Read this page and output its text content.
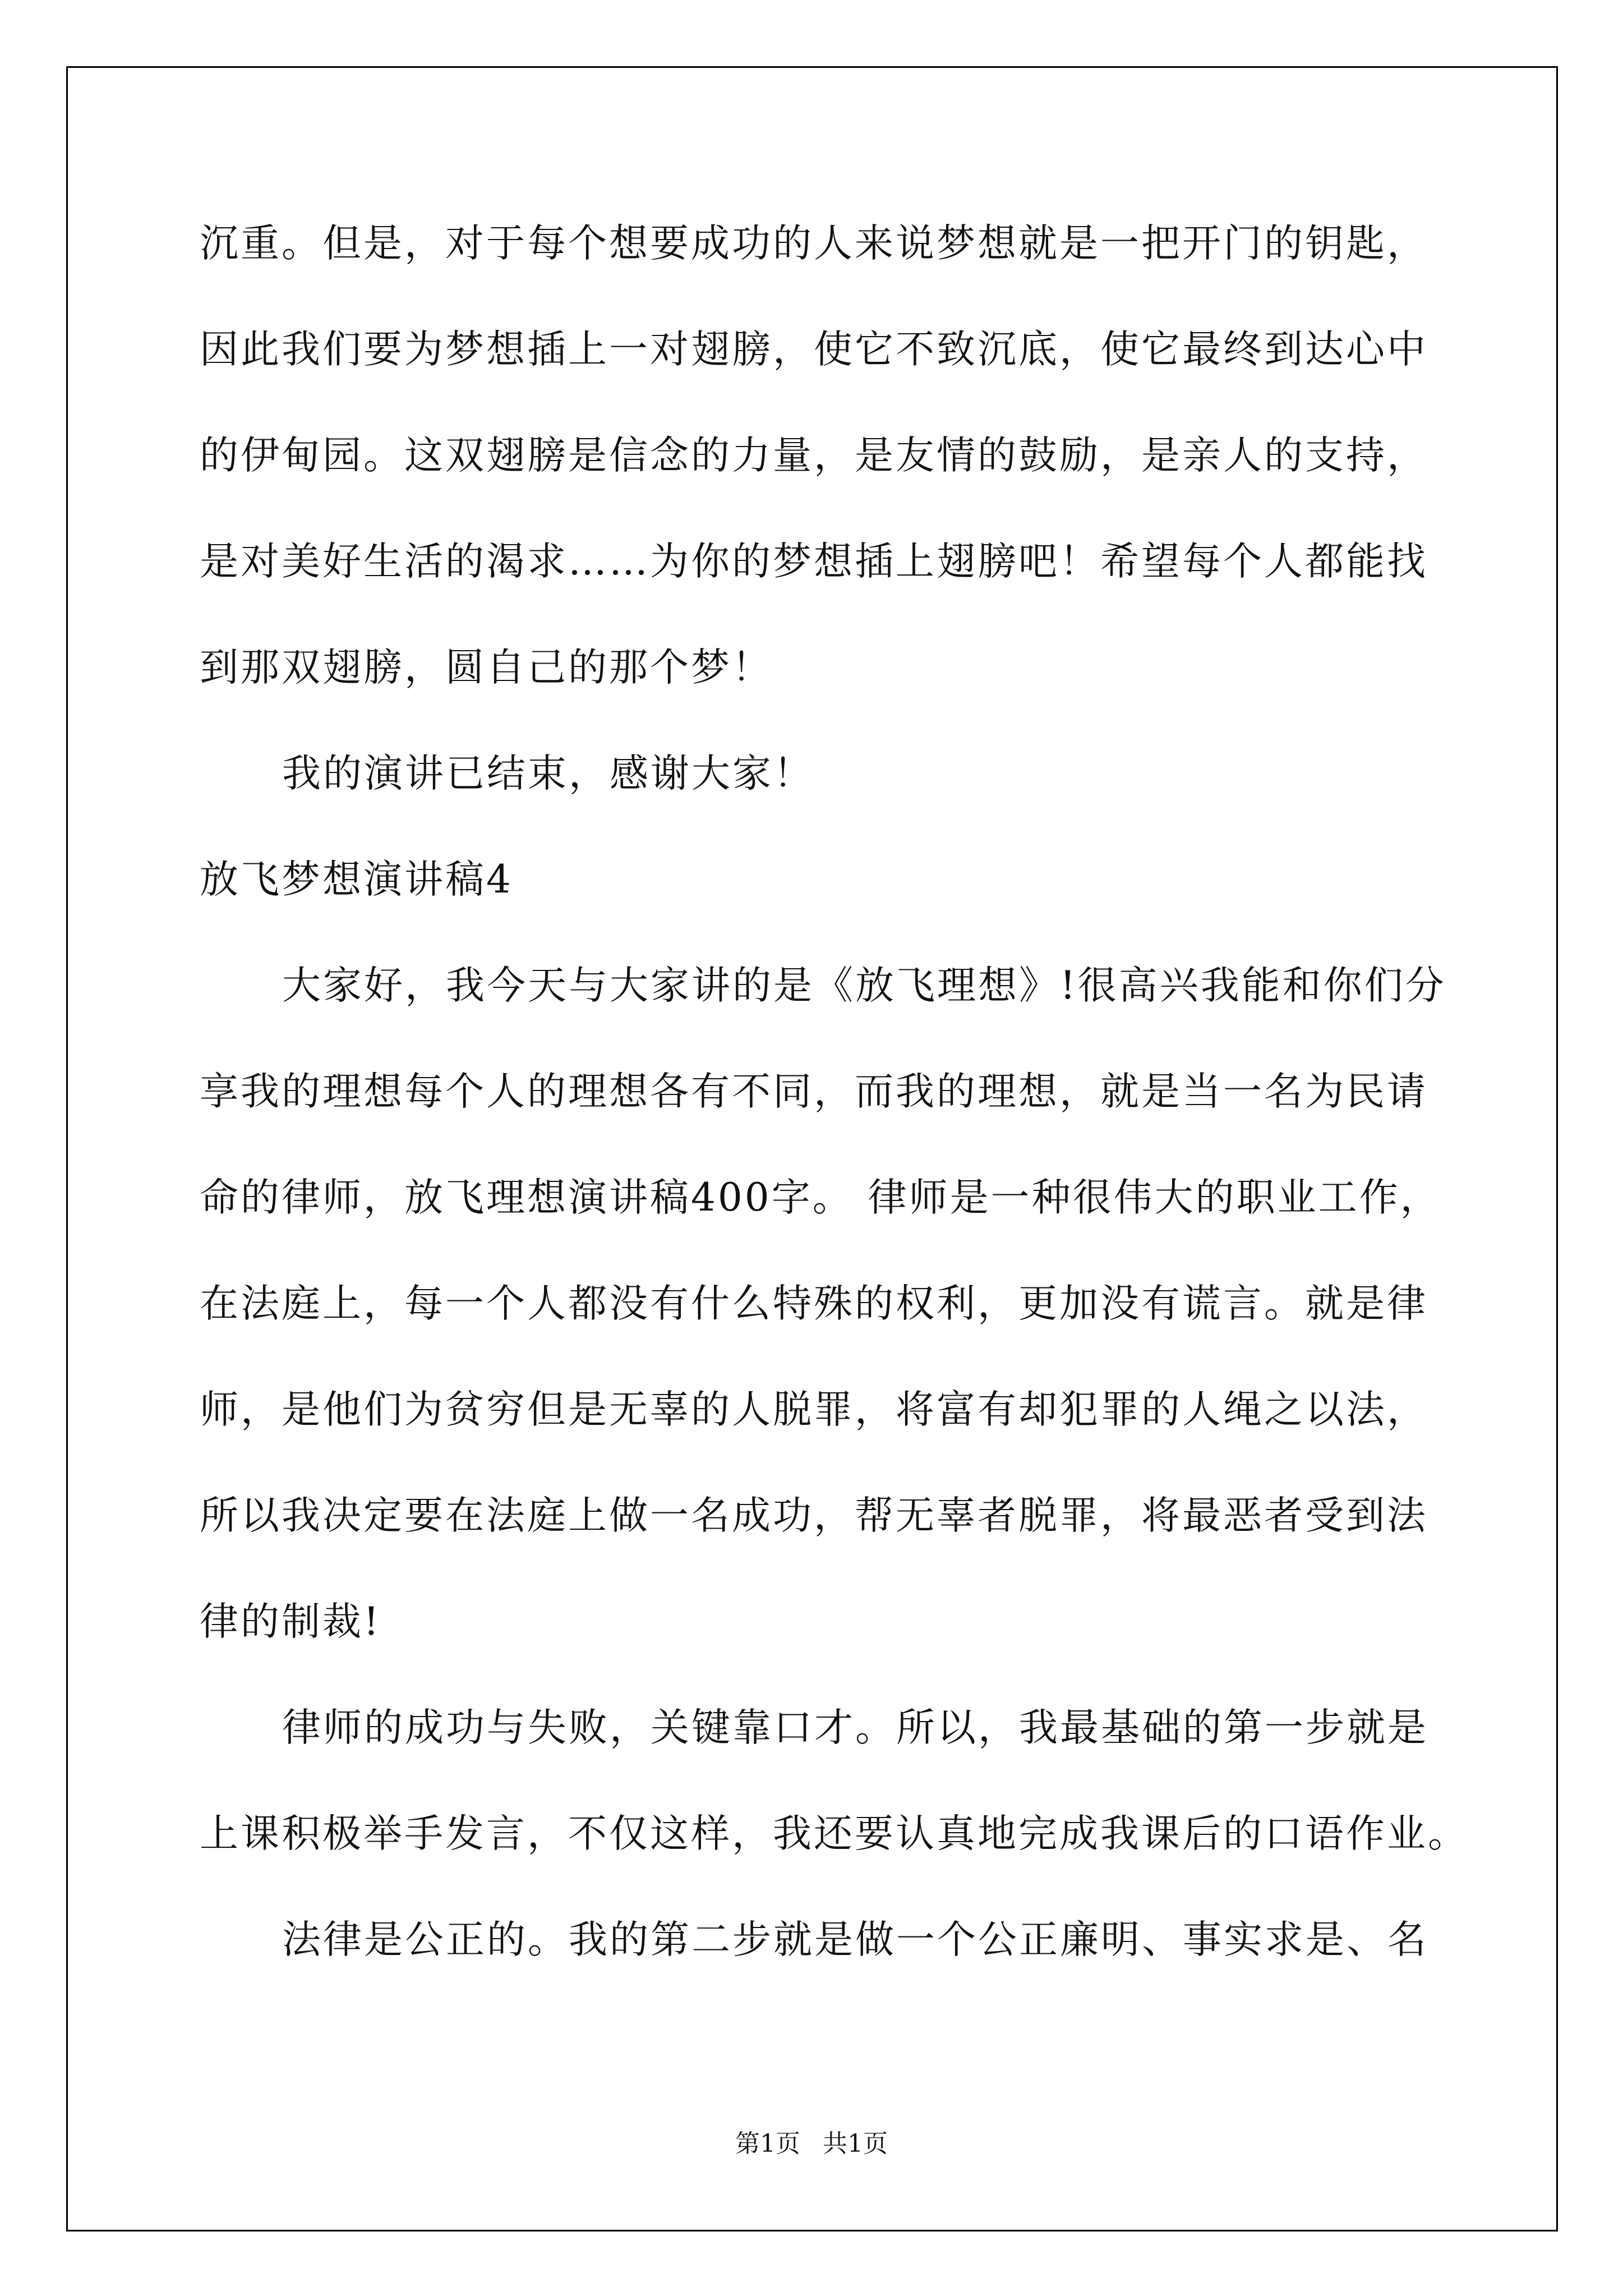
沉重。但是，对于每个想要成功的人来说梦想就是一把开门的钥匙，
因此我们要为梦想插上一对翅膀，使它不致沉底，使它最终到达心中
的伊甸园。这双翅膀是信念的力量，是友情的鼓励，是亲人的支持，
是对美好生活的渴求……为你的梦想插上翅膀吧！希望每个人都能找
到那双翅膀，圆自己的那个梦！
我的演讲已结束，感谢大家！
放飞梦想演讲稿4
大家好，我今天与大家讲的是《放飞理想》!很高兴我能和你们分
享我的理想每个人的理想各有不同，而我的理想，就是当一名为民请
命的律师，放飞理想演讲稿400字。 律师是一种很伟大的职业工作，
在法庭上，每一个人都没有什么特殊的权利，更加没有谎言。就是律
师，是他们为贫穷但是无辜的人脱罪，将富有却犯罪的人绳之以法，
所以我决定要在法庭上做一名成功，帮无辜者脱罪，将最恶者受到法
律的制裁!
律师的成功与失败，关键靠口才。所以，我最基础的第一步就是
上课积极举手发言，不仅这样，我还要认真地完成我课后的口语作业。
法律是公正的。我的第二步就是做一个公正廉明、事实求是、名
第1页 共1页
